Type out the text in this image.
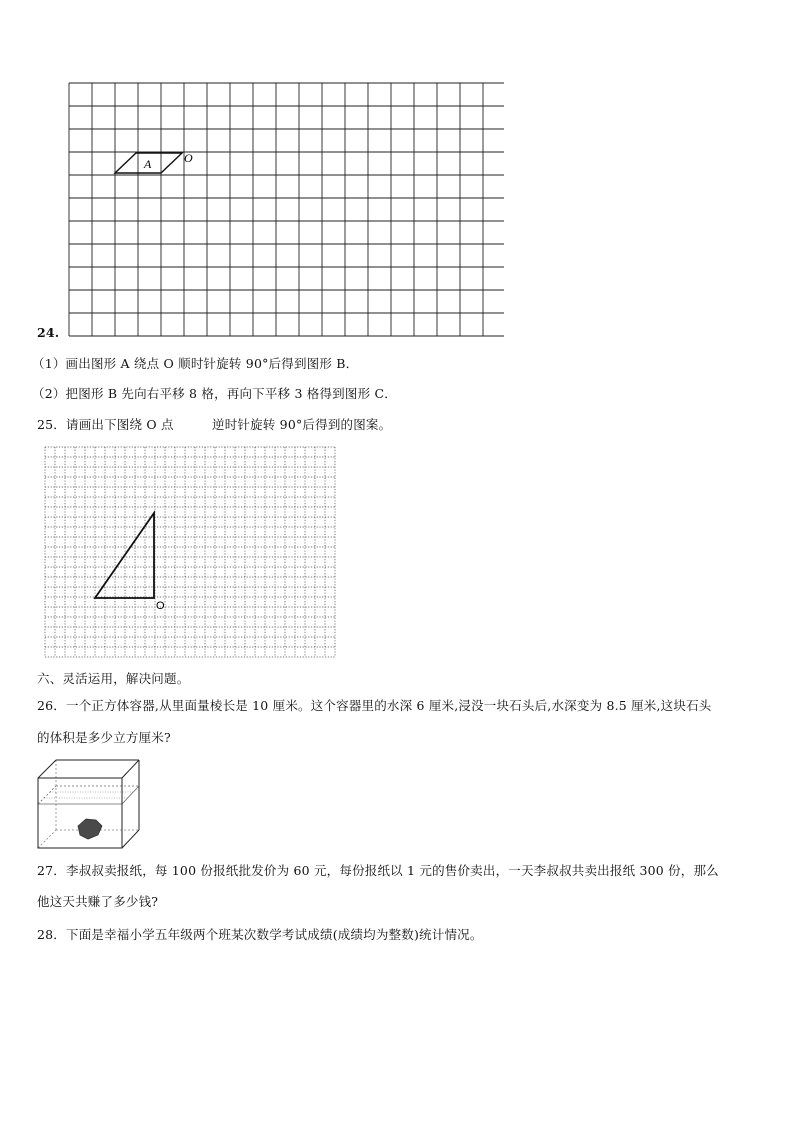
A	O
24.
（1）画出图形 A 绕点 O 顺时针旋转 90°后得到图形 B．
（2）把图形 B 先向右平移 8 格，再向下平移 3 格得到图形 C．
25．请画出下图绕 O 点	逆时针旋转 90°后得到的图案。
O
六、灵活运用，解决问题。
26．一个正方体容器,从里面量棱长是 10 厘米。这个容器里的水深 6 厘米,浸没一块石头后,水深变为 8.5 厘米,这块石头
的体积是多少立方厘米?
27．李叔叔卖报纸，每 100 份报纸批发价为 60 元，每份报纸以 1 元的售价卖出，一天李叔叔共卖出报纸 300 份，那么
他这天共赚了多少钱?
28．下面是幸福小学五年级两个班某次数学考试成绩(成绩均为整数)统计情况。
